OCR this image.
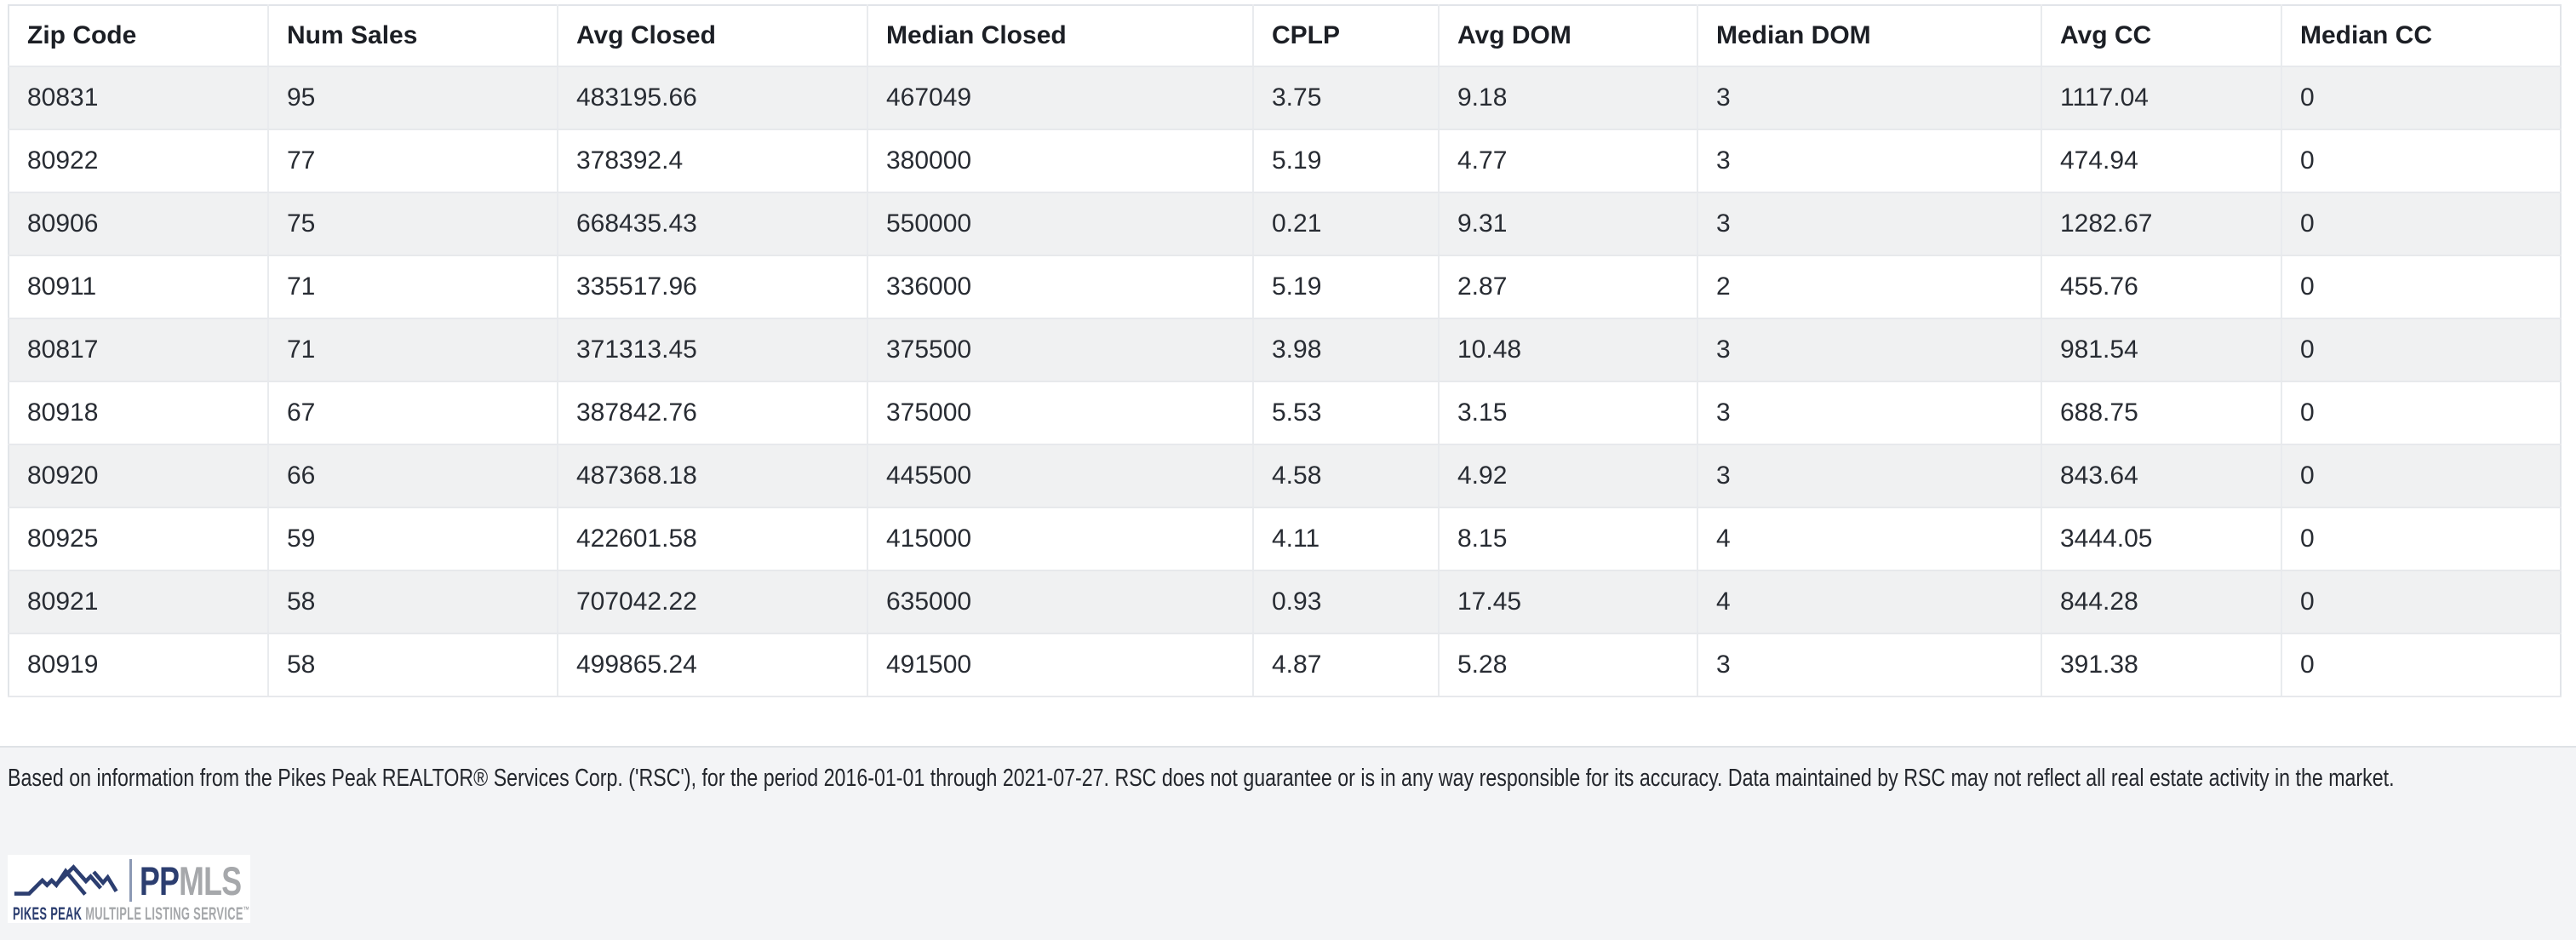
Zip Code	Num Sales	Avg Closed	Median Closed	CPLP	Avg DOM	Median DOM	Avg CC	Median CC
80831	95	483195.66	467049	3.75	9.18	3	1117.04	0
80922	77	378392.4	380000	5.19	4.77	3	474.94	0
80906	75	668435.43	550000	0.21	9.31	3	1282.67	0
80911	71	335517.96	336000	5.19	2.87	2	455.76	0
80817	71	371313.45	375500	3.98	10.48	3	981.54	0
80918	67	387842.76	375000	5.53	3.15	3	688.75	0
80920	66	487368.18	445500	4.58	4.92	3	843.64	0
80925	59	422601.58	415000	4.11	8.15	4	3444.05	0
80921	58	707042.22	635000	0.93	17.45	4	844.28	0
80919	58	499865.24	491500	4.87	5.28	3	391.38	0

Based on information from the Pikes Peak REALTOR® Services Corp. ('RSC'), for the period 2016-01-01 through 2021-07-27. RSC does not guarantee or is in any way responsible for its accuracy. Data maintained by RSC may not reflect all real estate activity in the market.

PPMLS
PIKES PEAK MULTIPLE LISTING SERVICE™
